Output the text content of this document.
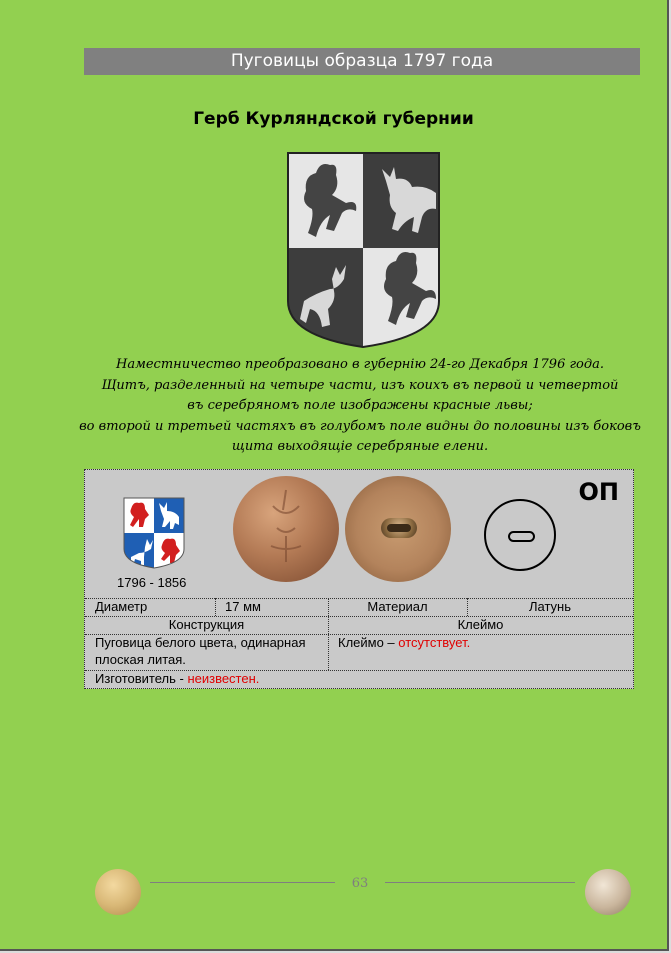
Пуговицы образца 1797 года
Герб Курляндской губернии
Наместничество преобразовано в губернію 24-го Декабря 1796 года.
Щитъ, разделенный на четыре части, изъ коихъ въ первой и четвертой
въ серебряномъ поле изображены красные львы;
во второй и третьей частяхъ въ голубомъ поле видны до половины изъ боковъ
щита выходящіе серебряные елени.
1796 - 1856
ОП
Диаметр	17 мм	Материал	Латунь
Конструкция	Клеймо
Пуговица белого цвета, одинарная плоская литая.
Клеймо – отсутствует.
Изготовитель - неизвестен.
63
